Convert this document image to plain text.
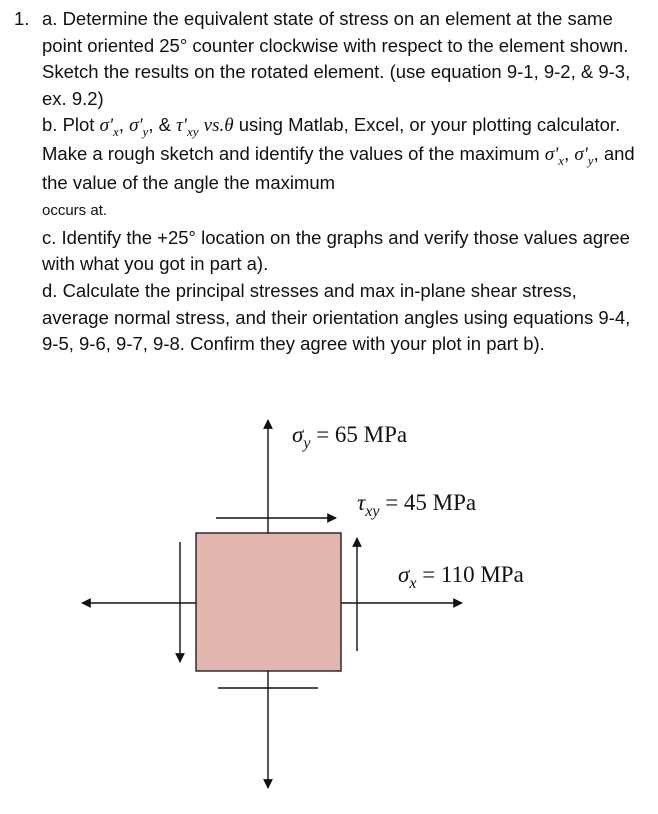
1. a. Determine the equivalent state of stress on an element at the same point oriented 25° counter clockwise with respect to the element shown. Sketch the results on the rotated element. (use equation 9-1, 9-2, & 9-3, ex. 9.2)
b. Plot $\sigma'_x$, $\sigma'_y$, & $\tau'_{xy}$ vs.θ using Matlab, Excel, or your plotting calculator. Make a rough sketch and identify the values of the maximum $\sigma'_x$, $\sigma'_y$, and the value of the angle the maximum
occurs at.
c. Identify the +25° location on the graphs and verify those values agree with what you got in part a).
d. Calculate the principal stresses and max in-plane shear stress, average normal stress, and their orientation angles using equations 9-4, 9-5, 9-6, 9-7, 9-8. Confirm they agree with your plot in part b).
$\sigma_y = 65$ MPa
$\tau_{xy} = 45$ MPa
$\sigma_x = 110$ MPa
